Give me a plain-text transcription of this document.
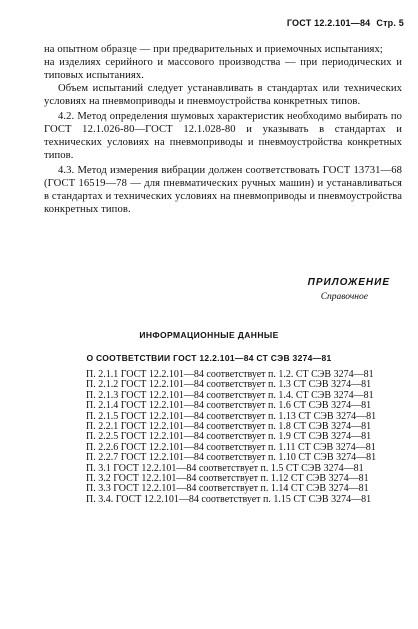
ГОСТ 12.2.101—84 Стр. 5

на опытном образце — при предварительных и приемочных испытаниях;

на изделиях серийного и массового производства — при периодических и типовых испытаниях.

Объем испытаний следует устанавливать в стандартах или технических условиях на пневмоприводы и пневмоустройства конкретных типов.

4.2. Метод определения шумовых характеристик необходимо выбирать по ГОСТ 12.1.026-80—ГОСТ 12.1.028-80 и указывать в стандартах и технических условиях на пневмоприводы и пневмоустройства конкретных типов.

4.3. Метод измерения вибрации должен соответствовать ГОСТ 13731—68 (ГОСТ 16519—78 — для пневматических ручных машин) и устанавливаться в стандартах и технических условиях на пневмоприводы и пневмоустройства конкретных типов.

ПРИЛОЖЕНИЕ
Справочное
ИНФОРМАЦИОННЫЕ ДАННЫЕ
О СООТВЕТСТВИИ ГОСТ 12.2.101—84 СТ СЭВ 3274—81
П. 2.1.1 ГОСТ 12.2.101—84 соответствует п. 1.2. СТ СЭВ 3274—81
П. 2.1.2 ГОСТ 12.2.101—84 соответствует п. 1.3 СТ СЭВ 3274—81
П. 2.1.3 ГОСТ 12.2.101—84 соответствует п. 1.4. СТ СЭВ 3274—81
П. 2.1.4 ГОСТ 12.2.101—84 соответствует п. 1.6 СТ СЭВ 3274—81
П. 2.1.5 ГОСТ 12.2.101—84 соответствует п. 1.13 СТ СЭВ 3274—81
П. 2.2.1 ГОСТ 12.2.101—84 соответствует п. 1.8 СТ СЭВ 3274—81
П. 2.2.5 ГОСТ 12.2.101—84 соответствует п. 1.9 СТ СЭВ 3274—81
П. 2.2.6 ГОСТ 12.2.101—84 соответствует п. 1.11 СТ СЭВ 3274—81
П. 2.2.7 ГОСТ 12.2.101—84 соответствует п. 1.10 СТ СЭВ 3274—81
П. 3.1 ГОСТ 12.2.101—84 соответствует п. 1.5 СТ СЭВ 3274—81
П. 3.2 ГОСТ 12.2.101—84 соответствует п. 1.12 СТ СЭВ 3274—81
П. 3.3 ГОСТ 12.2.101—84 соответствует п. 1.14 СТ СЭВ 3274—81
П. 3.4. ГОСТ 12.2.101—84 соответствует п. 1.15 СТ СЭВ 3274—81
